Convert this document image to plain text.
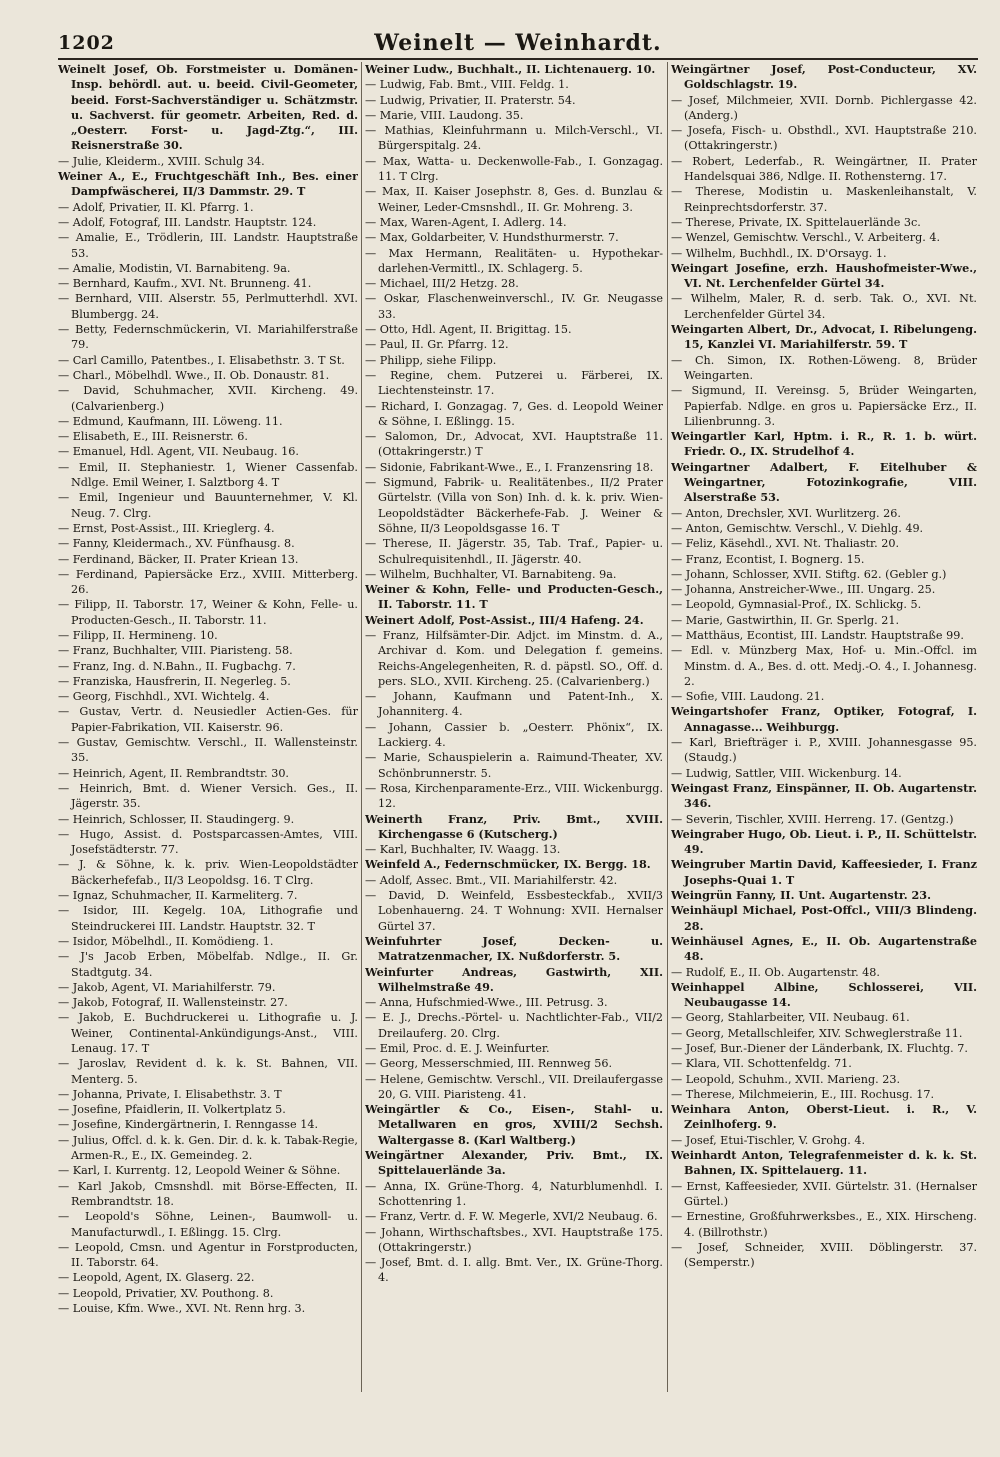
1202	Weinelt — Weinhardt.
Weinelt Josef, Ob. Forstmeister u. Domänen-Insp. behördl. aut. u. beeid. Civil-Geometer, beeid. Forst-Sachverständiger u. Schätzmstr. u. Sachverst. für geometr. Arbeiten, Red. d. „Oesterr. Forst- u. Jagd-Ztg.“, III. Reisnerstraße 30.
— Julie, Kleiderm., XVIII. Schulg 34.
Weiner A., E., Fruchtgeschäft Inh., Bes. einer Dampfwäscherei, II/3 Dammstr. 29. T
— Adolf, Privatier, II. Kl. Pfarrg. 1.
— Adolf, Fotograf, III. Landstr. Hauptstr. 124.
— Amalie, E., Trödlerin, III. Landstr. Hauptstraße 53.
— Amalie, Modistin, VI. Barnabiteng. 9a.
— Bernhard, Kaufm., XVI. Nt. Brunneng. 41.
— Bernhard, VIII. Alserstr. 55, Perlmutterhdl. XVI. Blumbergg. 24.
— Betty, Federnschmückerin, VI. Mariahilferstraße 79.
— Carl Camillo, Patentbes., I. Elisabethstr. 3. T St.
— Charl., Möbelhdl. Wwe., II. Ob. Donaustr. 81.
— David, Schuhmacher, XVII. Kircheng. 49. (Calvarienberg.)
— Edmund, Kaufmann, III. Löweng. 11.
— Elisabeth, E., III. Reisnerstr. 6.
— Emanuel, Hdl. Agent, VII. Neubaug. 16.
— Emil, II. Stephaniestr. 1, Wiener Cassenfab. Ndlge. Emil Weiner, I. Salztborg 4. T
— Emil, Ingenieur und Bauunternehmer, V. Kl. Neug. 7. Clrg.
— Ernst, Post-Assist., III. Krieglerg. 4.
— Fanny, Kleidermach., XV. Fünfhausg. 8.
— Ferdinand, Bäcker, II. Prater Kriean 13.
— Ferdinand, Papiersäcke Erz., XVIII. Mitterberg. 26.
— Filipp, II. Taborstr. 17, Weiner & Kohn, Felle- u. Producten-Gesch., II. Taborstr. 11.
— Filipp, II. Hermineng. 10.
— Franz, Buchhalter, VIII. Piaristeng. 58.
— Franz, Ing. d. N.Bahn., II. Fugbachg. 7.
— Franziska, Hausfrerin, II. Negerleg. 5.
— Georg, Fischhdl., XVI. Wichtelg. 4.
— Gustav, Vertr. d. Neusiedler Actien-Ges. für Papier-Fabrikation, VII. Kaiserstr. 96.
— Gustav, Gemischtw. Verschl., II. Wallensteinstr. 35.
— Heinrich, Agent, II. Rembrandtstr. 30.
— Heinrich, Bmt. d. Wiener Versich. Ges., II. Jägerstr. 35.
— Heinrich, Schlosser, II. Staudingerg. 9.
— Hugo, Assist. d. Postsparcassen-Amtes, VIII. Josefstädterstr. 77.
— J. & Söhne, k. k. priv. Wien-Leopoldstädter Bäckerhefefab., II/3 Leopoldsg. 16. T Clrg.
— Ignaz, Schuhmacher, II. Karmeliterg. 7.
— Isidor, III. Kegelg. 10A, Lithografie und Steindruckerei III. Landstr. Hauptstr. 32. T
— Isidor, Möbelhdl., II. Komödieng. 1.
— J's Jacob Erben, Möbelfab. Ndlge., II. Gr. Stadtgutg. 34.
— Jakob, Agent, VI. Mariahilferstr. 79.
— Jakob, Fotograf, II. Wallensteinstr. 27.
— Jakob, E. Buchdruckerei u. Lithografie u. J. Weiner, Continental-Ankündigungs-Anst., VIII. Lenaug. 17. T
— Jaroslav, Revident d. k. k. St. Bahnen, VII. Menterg. 5.
— Johanna, Private, I. Elisabethstr. 3. T
— Josefine, Pfaidlerin, II. Volkertplatz 5.
— Josefine, Kindergärtnerin, I. Renngasse 14.
— Julius, Offcl. d. k. k. Gen. Dir. d. k. k. Tabak-Regie, Armen-R., E., IX. Gemeindeg. 2.
— Karl, I. Kurrentg. 12, Leopold Weiner & Söhne.
— Karl Jakob, Cmsnshdl. mit Börse-Effecten, II. Rembrandtstr. 18.
— Leopold's Söhne, Leinen-, Baumwoll- u. Manufacturwdl., I. Eßlingg. 15. Clrg.
— Leopold, Cmsn. und Agentur in Forstproducten, II. Taborstr. 64.
— Leopold, Agent, IX. Glaserg. 22.
— Leopold, Privatier, XV. Pouthong. 8.
— Louise, Kfm. Wwe., XVI. Nt. Renn hrg. 3.
Weiner Ludw., Buchhalt., II. Lichtenauerg. 10.
— Ludwig, Fab. Bmt., VIII. Feldg. 1.
— Ludwig, Privatier, II. Praterstr. 54.
— Marie, VIII. Laudong. 35.
— Mathias, Kleinfuhrmann u. Milch-Verschl., VI. Bürgerspitalg. 24.
— Max, Watta- u. Deckenwolle-Fab., I. Gonzagag. 11. T Clrg.
— Max, II. Kaiser Josephstr. 8, Ges. d. Bunzlau & Weiner, Leder-Cmsnshdl., II. Gr. Mohreng. 3.
— Max, Waren-Agent, I. Adlerg. 14.
— Max, Goldarbeiter, V. Hundsthurmerstr. 7.
— Max Hermann, Realitäten- u. Hypothekar-darlehen-Vermittl., IX. Schlagerg. 5.
— Michael, III/2 Hetzg. 28.
— Oskar, Flaschenweinverschl., IV. Gr. Neugasse 33.
— Otto, Hdl. Agent, II. Brigittag. 15.
— Paul, II. Gr. Pfarrg. 12.
— Philipp, siehe Filipp.
— Regine, chem. Putzerei u. Färberei, IX. Liechtensteinstr. 17.
— Richard, I. Gonzagag. 7, Ges. d. Leopold Weiner & Söhne, I. Eßlingg. 15.
— Salomon, Dr., Advocat, XVI. Hauptstraße 11. (Ottakringerstr.) T
— Sidonie, Fabrikant-Wwe., E., I. Franzensring 18.
— Sigmund, Fabrik- u. Realitätenbes., II/2 Prater Gürtelstr. (Villa von Son) Inh. d. k. k. priv. Wien-Leopoldstädter Bäckerhefe-Fab. J. Weiner & Söhne, II/3 Leopoldsgasse 16. T
— Therese, II. Jägerstr. 35, Tab. Traf., Papier- u. Schulrequisitenhdl., II. Jägerstr. 40.
— Wilhelm, Buchhalter, VI. Barnabiteng. 9a.
Weiner & Kohn, Felle- und Producten-Gesch., II. Taborstr. 11. T
Weinert Adolf, Post-Assist., III/4 Hafeng. 24.
— Franz, Hilfsämter-Dir. Adjct. im Minstm. d. A., Archivar d. Kom. und Delegation f. gemeins. Reichs-Angelegenheiten, R. d. päpstl. SO., Off. d. pers. SLO., XVII. Kircheng. 25. (Calvarienberg.)
— Johann, Kaufmann und Patent-Inh., X. Johanniterg. 4.
— Johann, Cassier b. „Oesterr. Phönix“, IX. Lackierg. 4.
— Marie, Schauspielerin a. Raimund-Theater, XV. Schönbrunnerstr. 5.
— Rosa, Kirchenparamente-Erz., VIII. Wickenburgg. 12.
Weinerth Franz, Priv. Bmt., XVIII. Kirchengasse 6 (Kutscherg.)
— Karl, Buchhalter, IV. Waagg. 13.
Weinfeld A., Federnschmücker, IX. Bergg. 18.
— Adolf, Assec. Bmt., VII. Mariahilferstr. 42.
— David, D. Weinfeld, Essbesteckfab., XVII/3 Lobenhauerng. 24. T Wohnung: XVII. Hernalser Gürtel 37.
Weinfuhrter Josef, Decken- u. Matratzenmacher, IX. Nußdorferstr. 5.
Weinfurter Andreas, Gastwirth, XII. Wilhelmstraße 49.
— Anna, Hufschmied-Wwe., III. Petrusg. 3.
— E. J., Drechs.-Pörtel- u. Nachtlichter-Fab., VII/2 Dreilauferg. 20. Clrg.
— Emil, Proc. d. E. J. Weinfurter.
— Georg, Messerschmied, III. Rennweg 56.
— Helene, Gemischtw. Verschl., VII. Dreilaufergasse 20, G. VIII. Piaristeng. 41.
Weingärtler & Co., Eisen-, Stahl- u. Metallwaren en gros, XVIII/2 Sechsh. Waltergasse 8. (Karl Waltberg.)
Weingärtner Alexander, Priv. Bmt., IX. Spittelauerlände 3a.
— Anna, IX. Grüne-Thorg. 4, Naturblumenhdl. I. Schottenring 1.
— Franz, Vertr. d. F. W. Megerle, XVI/2 Neubaug. 6.
— Johann, Wirthschaftsbes., XVI. Hauptstraße 175. (Ottakringerstr.)
— Josef, Bmt. d. I. allg. Bmt. Ver., IX. Grüne-Thorg. 4.
Weingärtner Josef, Post-Conducteur, XV. Goldschlagstr. 19.
— Josef, Milchmeier, XVII. Dornb. Pichlergasse 42. (Anderg.)
— Josefa, Fisch- u. Obsthdl., XVI. Hauptstraße 210. (Ottakringerstr.)
— Robert, Lederfab., R. Weingärtner, II. Prater Handelsquai 386, Ndlge. II. Rothensterng. 17.
— Therese, Modistin u. Maskenleihanstalt, V. Reinprechtsdorferstr. 37.
— Therese, Private, IX. Spittelauerlände 3c.
— Wenzel, Gemischtw. Verschl., V. Arbeiterg. 4.
— Wilhelm, Buchhdl., IX. D'Orsayg. 1.
Weingart Josefine, erzh. Haushofmeister-Wwe., VI. Nt. Lerchenfelder Gürtel 34.
— Wilhelm, Maler, R. d. serb. Tak. O., XVI. Nt. Lerchenfelder Gürtel 34.
Weingarten Albert, Dr., Advocat, I. Ribelungeng. 15, Kanzlei VI. Mariahilferstr. 59. T
— Ch. Simon, IX. Rothen-Löweng. 8, Brüder Weingarten.
— Sigmund, II. Vereinsg. 5, Brüder Weingarten, Papierfab. Ndlge. en gros u. Papiersäcke Erz., II. Lilienbrunng. 3.
Weingartler Karl, Hptm. i. R., R. 1. b. würt. Friedr. O., IX. Strudelhof 4.
Weingartner Adalbert, F. Eitelhuber & Weingartner, Fotozinkografie, VIII. Alserstraße 53.
— Anton, Drechsler, XVI. Wurlitzerg. 26.
— Anton, Gemischtw. Verschl., V. Diehlg. 49.
— Feliz, Käsehdl., XVI. Nt. Thaliastr. 20.
— Franz, Econtist, I. Bognerg. 15.
— Johann, Schlosser, XVII. Stiftg. 62. (Gebler g.)
— Johanna, Anstreicher-Wwe., III. Ungarg. 25.
— Leopold, Gymnasial-Prof., IX. Schlickg. 5.
— Marie, Gastwirthin, II. Gr. Sperlg. 21.
— Matthäus, Econtist, III. Landstr. Hauptstraße 99.
— Edl. v. Münzberg Max, Hof- u. Min.-Offcl. im Minstm. d. A., Bes. d. ott. Medj.-O. 4., I. Johannesg. 2.
— Sofie, VIII. Laudong. 21.
Weingartshofer Franz, Optiker, Fotograf, I. Annagasse... Weihburgg.
— Karl, Briefträger i. P., XVIII. Johannesgasse 95. (Staudg.)
— Ludwig, Sattler, VIII. Wickenburg. 14.
Weingast Franz, Einspänner, II. Ob. Augartenstr. 346.
— Severin, Tischler, XVIII. Herreng. 17. (Gentzg.)
Weingraber Hugo, Ob. Lieut. i. P., II. Schüttelstr. 49.
Weingruber Martin David, Kaffeesieder, I. Franz Josephs-Quai 1. T
Weingrün Fanny, II. Unt. Augartenstr. 23.
Weinhäupl Michael, Post-Offcl., VIII/3 Blindeng. 28.
Weinhäusel Agnes, E., II. Ob. Augartenstraße 48.
— Rudolf, E., II. Ob. Augartenstr. 48.
Weinhappel Albine, Schlosserei, VII. Neubaugasse 14.
— Georg, Stahlarbeiter, VII. Neubaug. 61.
— Georg, Metallschleifer, XIV. Schweglerstraße 11.
— Josef, Bur.-Diener der Länderbank, IX. Fluchtg. 7.
— Klara, VII. Schottenfeldg. 71.
— Leopold, Schuhm., XVII. Marieng. 23.
— Therese, Milchmeierin, E., III. Rochusg. 17.
Weinhara Anton, Oberst-Lieut. i. R., V. Zeinlhoferg. 9.
— Josef, Etui-Tischler, V. Grohg. 4.
Weinhardt Anton, Telegrafenmeister d. k. k. St. Bahnen, IX. Spittelauerg. 11.
— Ernst, Kaffeesieder, XVII. Gürtelstr. 31. (Hernalser Gürtel.)
— Ernestine, Großfuhrwerksbes., E., XIX. Hirscheng. 4. (Billrothstr.)
— Josef, Schneider, XVIII. Döblingerstr. 37. (Semperstr.)
